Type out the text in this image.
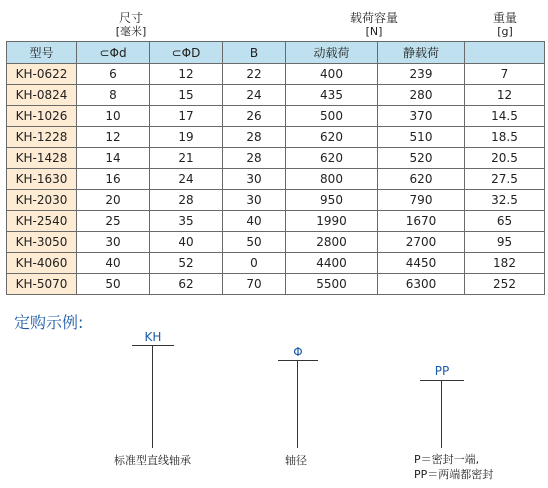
尺寸
[毫米]
载荷容量
[N]
重量
[g]
型号	⊂Φd	⊂ΦD	B	动载荷	静载荷	
KH-0622	6	12	22	400	239	7
KH-0824	8	15	24	435	280	12
KH-1026	10	17	26	500	370	14.5
KH-1228	12	19	28	620	510	18.5
KH-1428	14	21	28	620	520	20.5
KH-1630	16	24	30	800	620	27.5
KH-2030	20	28	30	950	790	32.5
KH-2540	25	35	40	1990	1670	65
KH-3050	30	40	50	2800	2700	95
KH-4060	40	52	0	4400	4450	182
KH-5070	50	62	70	5500	6300	252
定购示例:
KH
标准型直线轴承
Φ
轴径
PP
P＝密封一端,
PP＝两端都密封
